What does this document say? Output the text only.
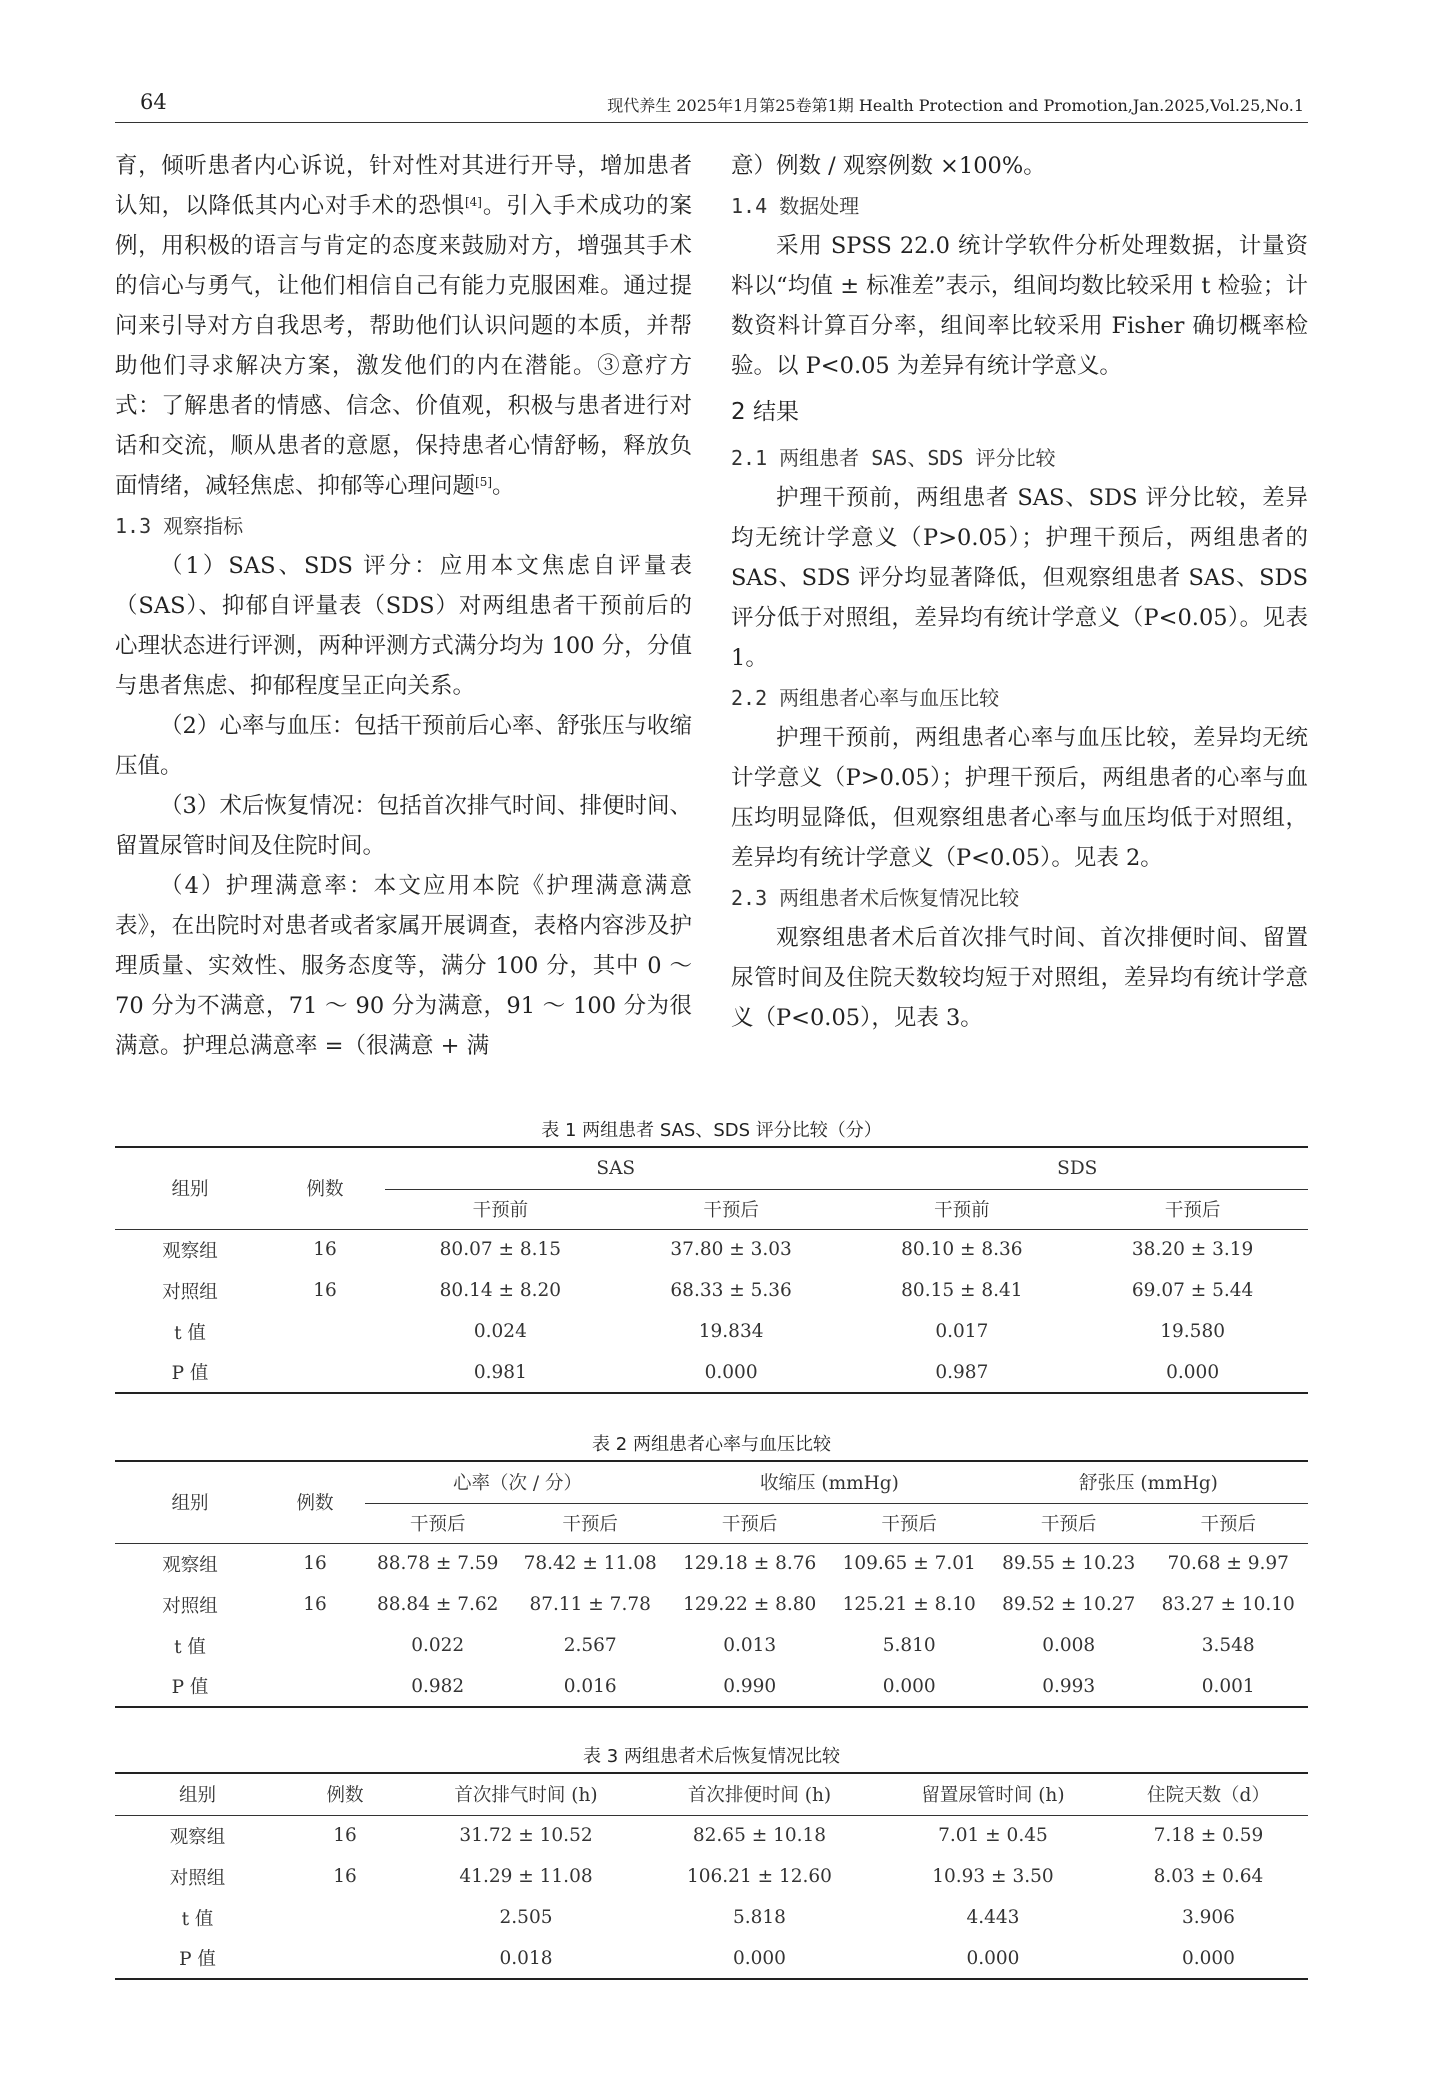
64	现代养生 2025年1月第25卷第1期 Health Protection and Promotion,Jan.2025,Vol.25,No.1

育，倾听患者内心诉说，针对性对其进行开导，增加患者认知，以降低其内心对手术的恐惧[4]。引入手术成功的案例，用积极的语言与肯定的态度来鼓励对方，增强其手术的信心与勇气，让他们相信自己有能力克服困难。通过提问来引导对方自我思考，帮助他们认识问题的本质，并帮助他们寻求解决方案，激发他们的内在潜能。③意疗方式：了解患者的情感、信念、价值观，积极与患者进行对话和交流，顺从患者的意愿，保持患者心情舒畅，释放负面情绪，减轻焦虑、抑郁等心理问题[5]。

1.3 观察指标

（1）SAS、SDS 评分：应用本文焦虑自评量表（SAS）、抑郁自评量表（SDS）对两组患者干预前后的心理状态进行评测，两种评测方式满分均为 100 分，分值与患者焦虑、抑郁程度呈正向关系。

（2）心率与血压：包括干预前后心率、舒张压与收缩压值。

（3）术后恢复情况：包括首次排气时间、排便时间、留置尿管时间及住院时间。

（4）护理满意率：本文应用本院《护理满意满意表》，在出院时对患者或者家属开展调查，表格内容涉及护理质量、实效性、服务态度等，满分 100 分，其中 0 ～ 70 分为不满意，71 ～ 90 分为满意，91 ～ 100 分为很满意。护理总满意率 =（很满意 + 满

意）例数 / 观察例数 ×100%。

1.4 数据处理

采用 SPSS 22.0 统计学软件分析处理数据，计量资料以“均值 ± 标准差”表示，组间均数比较采用 t 检验；计数资料计算百分率，组间率比较采用 Fisher 确切概率检验。以 P<0.05 为差异有统计学意义。

2 结果

2.1 两组患者 SAS、SDS 评分比较

护理干预前，两组患者 SAS、SDS 评分比较，差异均无统计学意义（P>0.05）；护理干预后，两组患者的 SAS、SDS 评分均显著降低，但观察组患者 SAS、SDS 评分低于对照组，差异均有统计学意义（P<0.05）。见表 1。

2.2 两组患者心率与血压比较

护理干预前，两组患者心率与血压比较，差异均无统计学意义（P>0.05）；护理干预后，两组患者的心率与血压均明显降低，但观察组患者心率与血压均低于对照组，差异均有统计学意义（P<0.05）。见表 2。

2.3 两组患者术后恢复情况比较

观察组患者术后首次排气时间、首次排便时间、留置尿管时间及住院天数较均短于对照组，差异均有统计学意义（P<0.05），见表 3。

表 1 两组患者 SAS、SDS 评分比较（分）
组别	例数	SAS		SDS	
		干预前	干预后	干预前	干预后
观察组	16	80.07 ± 8.15	37.80 ± 3.03	80.10 ± 8.36	38.20 ± 3.19
对照组	16	80.14 ± 8.20	68.33 ± 5.36	80.15 ± 8.41	69.07 ± 5.44
t 值		0.024	19.834	0.017	19.580
P 值		0.981	0.000	0.987	0.000
表 2 两组患者心率与血压比较
组别	例数	心率（次 / 分）		收缩压 (mmHg)		舒张压 (mmHg)	
		干预后	干预后	干预后	干预后	干预后	干预后
观察组	16	88.78 ± 7.59	78.42 ± 11.08	129.18 ± 8.76	109.65 ± 7.01	89.55 ± 10.23	70.68 ± 9.97
对照组	16	88.84 ± 7.62	87.11 ± 7.78	129.22 ± 8.80	125.21 ± 8.10	89.52 ± 10.27	83.27 ± 10.10
t 值		0.022	2.567	0.013	5.810	0.008	3.548
P 值		0.982	0.016	0.990	0.000	0.993	0.001
表 3 两组患者术后恢复情况比较
组别	例数	首次排气时间 (h)	首次排便时间 (h)	留置尿管时间 (h)	住院天数（d）
观察组	16	31.72 ± 10.52	82.65 ± 10.18	7.01 ± 0.45	7.18 ± 0.59
对照组	16	41.29 ± 11.08	106.21 ± 12.60	10.93 ± 3.50	8.03 ± 0.64
t 值		2.505	5.818	4.443	3.906
P 值		0.018	0.000	0.000	0.000
